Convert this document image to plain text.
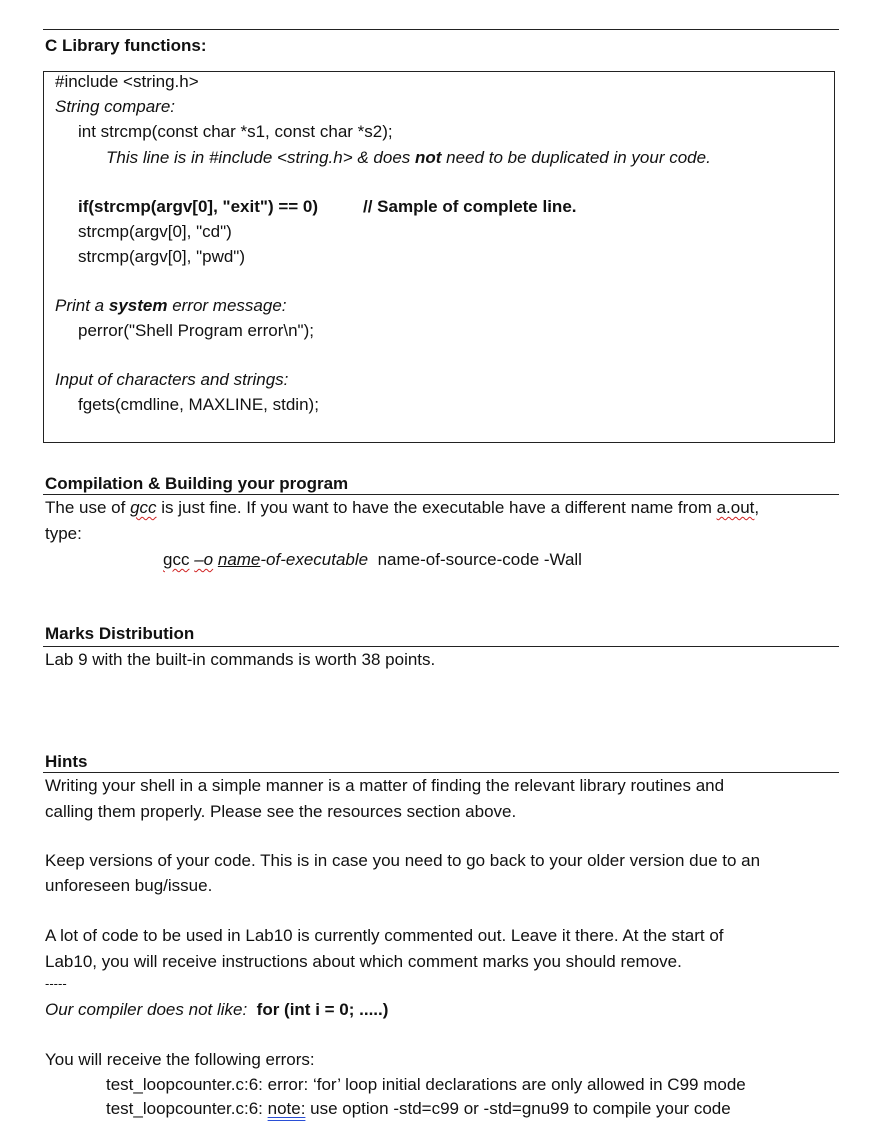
C Library functions:
#include <string.h>
String compare:
int strcmp(const char *s1, const char *s2);
This line is in #include <string.h> & does not need to be duplicated in your code.
if(strcmp(argv[0], "exit") == 0)	// Sample of complete line.
strcmp(argv[0], "cd")
strcmp(argv[0], "pwd")
Print a system error message:
perror("Shell Program error\n");
Input of characters and strings:
fgets(cmdline, MAXLINE, stdin);
Compilation & Building your program
The use of gcc is just fine. If you want to have the executable have a different name from a.out,
type:
gcc –o name-of-executable name-of-source-code -Wall
Marks Distribution
Lab 9 with the built-in commands is worth 38 points.
Hints
Writing your shell in a simple manner is a matter of finding the relevant library routines and
calling them properly. Please see the resources section above.
Keep versions of your code. This is in case you need to go back to your older version due to an
unforeseen bug/issue.
A lot of code to be used in Lab10 is currently commented out. Leave it there. At the start of
Lab10, you will receive instructions about which comment marks you should remove.
-----
Our compiler does not like: for (int i = 0; .....)
You will receive the following errors:
test_loopcounter.c:6: error: ‘for’ loop initial declarations are only allowed in C99 mode
test_loopcounter.c:6: note: use option -std=c99 or -std=gnu99 to compile your code
